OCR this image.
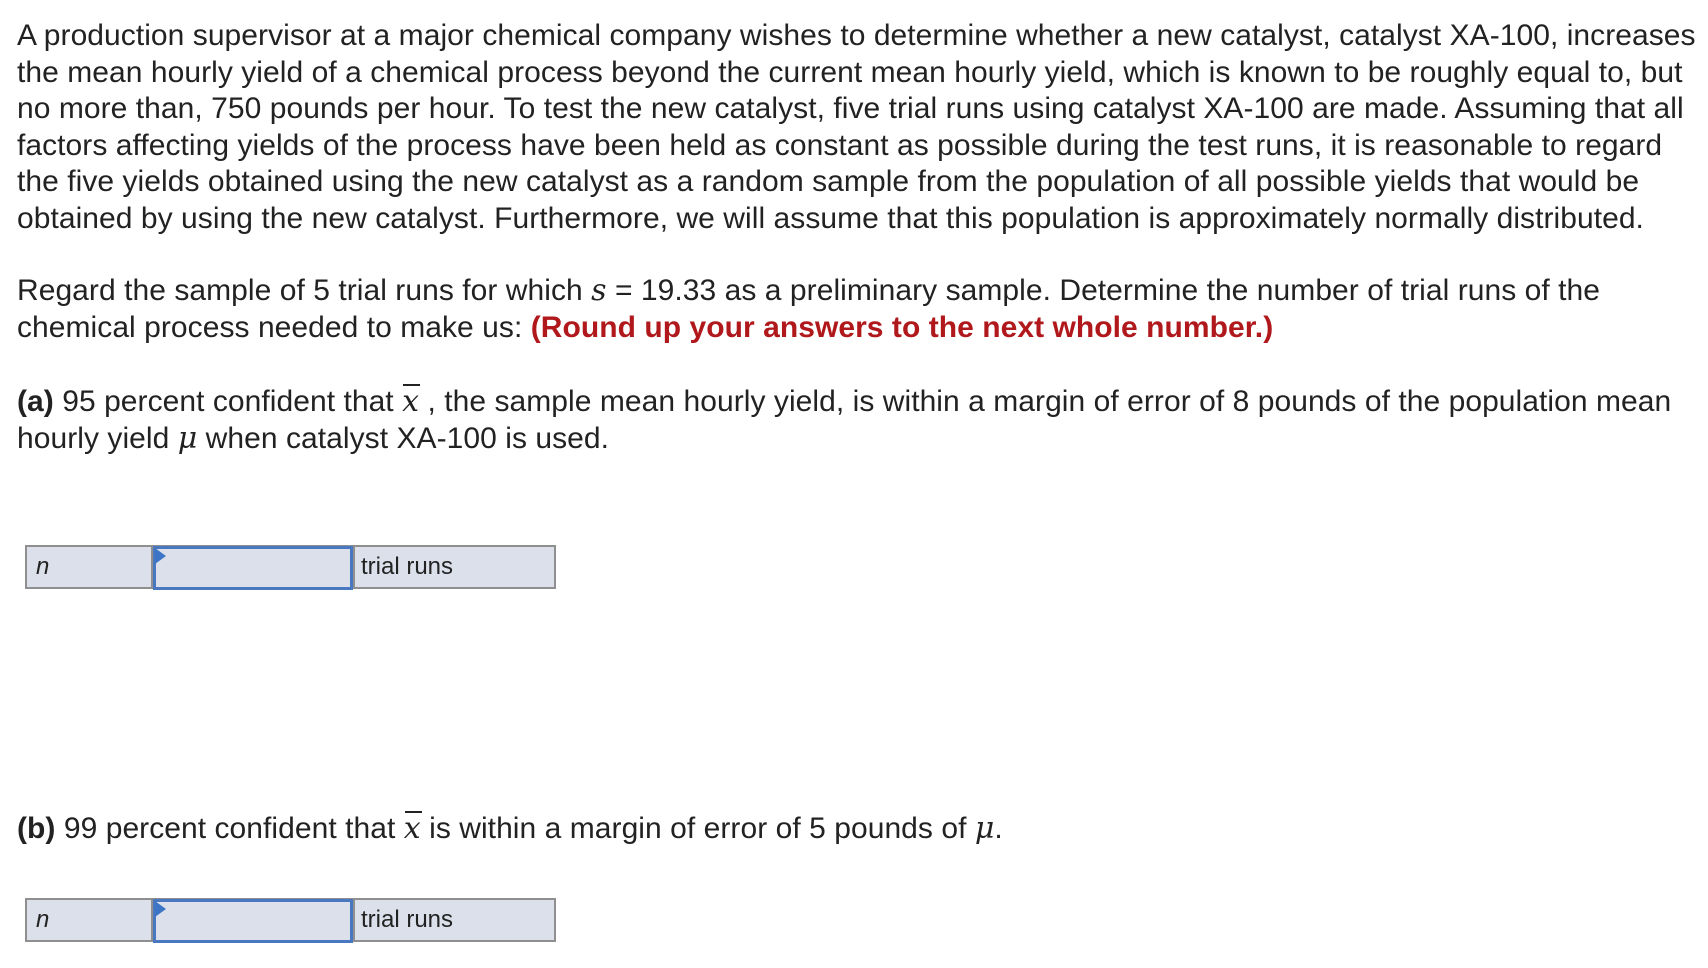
A production supervisor at a major chemical company wishes to determine whether a new catalyst, catalyst XA-100, increases the mean hourly yield of a chemical process beyond the current mean hourly yield, which is known to be roughly equal to, but no more than, 750 pounds per hour. To test the new catalyst, five trial runs using catalyst XA-100 are made. Assuming that all factors affecting yields of the process have been held as constant as possible during the test runs, it is reasonable to regard the five yields obtained using the new catalyst as a random sample from the population of all possible yields that would be obtained by using the new catalyst. Furthermore, we will assume that this population is approximately normally distributed.

Regard the sample of 5 trial runs for which s = 19.33 as a preliminary sample. Determine the number of trial runs of the chemical process needed to make us: (Round up your answers to the next whole number.)

(a) 95 percent confident that x , the sample mean hourly yield, is within a margin of error of 8 pounds of the population mean hourly yield μ when catalyst XA-100 is used.

n	trial runs

(b) 99 percent confident that x is within a margin of error of 5 pounds of μ.

n	trial runs
